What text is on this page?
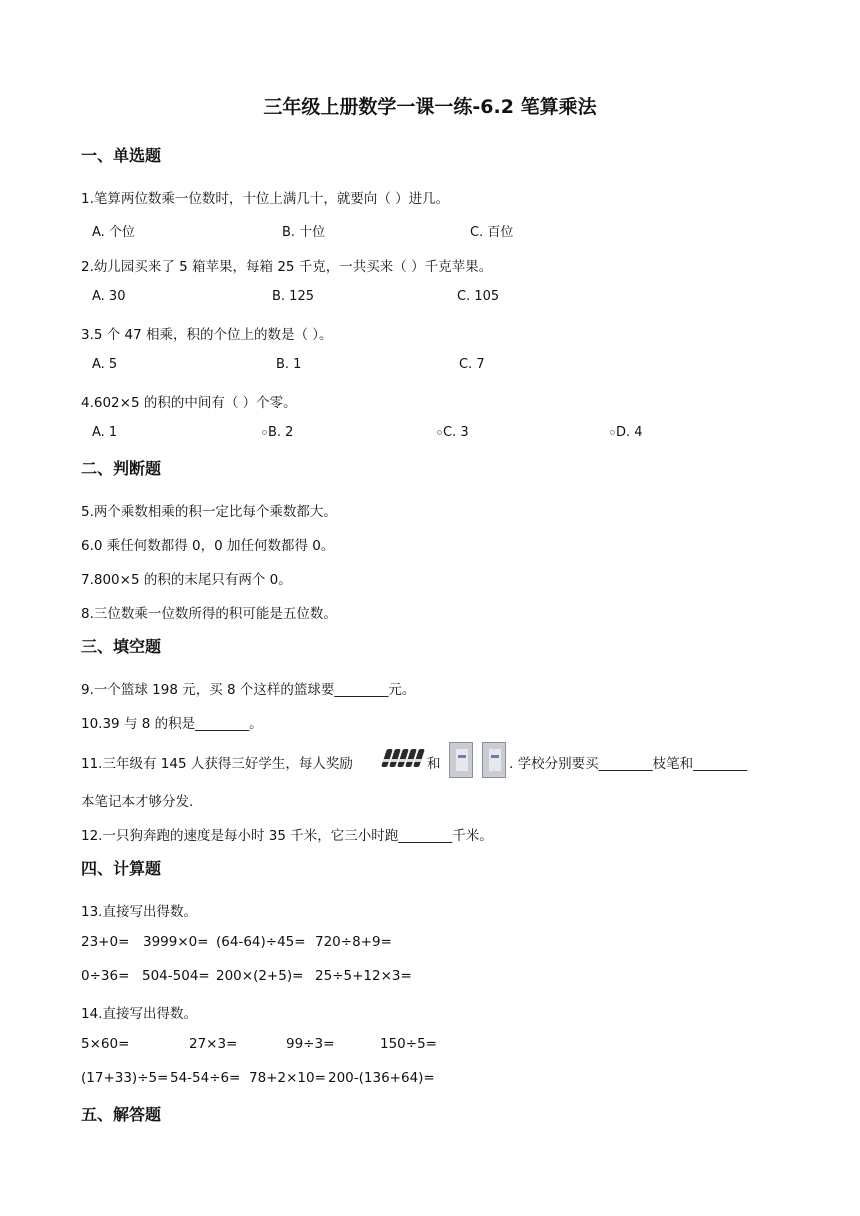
三年级上册数学一课一练-6.2 笔算乘法
一、单选题
1.笔算两位数乘一位数时，十位上满几十，就要向（ ）进几。
A. 个位	B. 十位	C. 百位
2.幼儿园买来了 5 箱苹果，每箱 25 千克，一共买来（ ）千克苹果。
A. 30	B. 125	C. 105
3.5 个 47 相乘，积的个位上的数是（ ）。
A. 5	B. 1	C. 7
4.602×5 的积的中间有（ ）个零。
A. 1	B. 2	C. 3	D. 4
二、判断题
5.两个乘数相乘的积一定比每个乘数都大。
6.0 乘任何数都得 0，0 加任何数都得 0。
7.800×5 的积的末尾只有两个 0。
8.三位数乘一位数所得的积可能是五位数。
三、填空题
9.一个篮球 198 元，买 8 个这样的篮球要________元。
10.39 与 8 的积是________。
11.三年级有 145 人获得三好学生，每人奖励	和	. 学校分别要买________枝笔和________
本笔记本才够分发.
12.一只狗奔跑的速度是每小时 35 千米，它三小时跑________千米。
四、计算题
13.直接写出得数。
23+0= 3999×0= (64-64)÷45= 720÷8+9=
0÷36= 504-504= 200×(2+5)= 25÷5+12×3=
14.直接写出得数。
5×60=	27×3=	99÷3=	150÷5=
(17+33)÷5= 54-54÷6= 78+2×10= 200-(136+64)=
五、解答题
